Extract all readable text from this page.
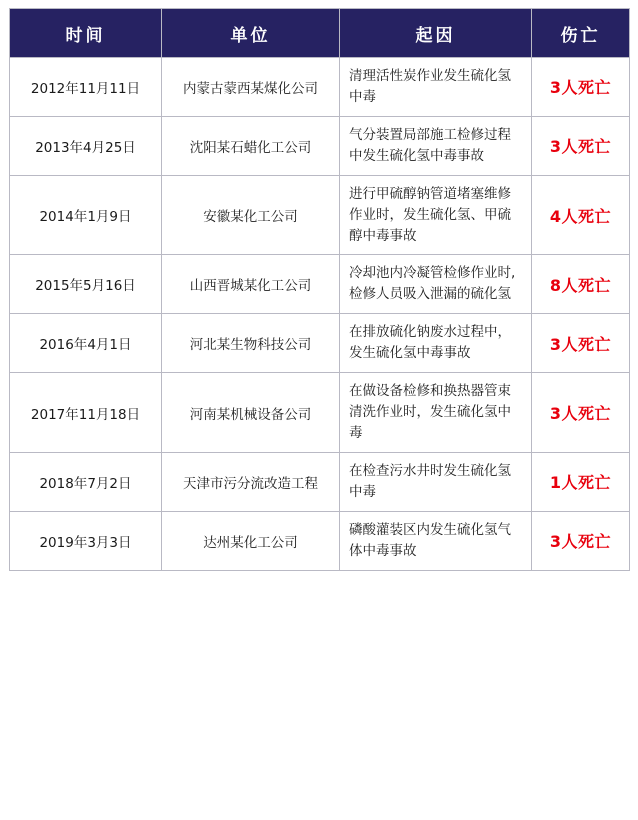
时间	单位	起因	伤亡
2012年11月11日	内蒙古蒙西某煤化公司	清理活性炭作业发生硫化氢中毒	3人死亡
2013年4月25日	沈阳某石蜡化工公司	气分装置局部施工检修过程中发生硫化氢中毒事故	3人死亡
2014年1月9日	安徽某化工公司	进行甲硫醇钠管道堵塞维修作业时，发生硫化氢、甲硫醇中毒事故	4人死亡
2015年5月16日	山西晋城某化工公司	冷却池内冷凝管检修作业时,检修人员吸入泄漏的硫化氢	8人死亡
2016年4月1日	河北某生物科技公司	在排放硫化钠废水过程中，发生硫化氢中毒事故	3人死亡
2017年11月18日	河南某机械设备公司	在做设备检修和换热器管束清洗作业时，发生硫化氢中毒	3人死亡
2018年7月2日	天津市污分流改造工程	在检查污水井时发生硫化氢中毒	1人死亡
2019年3月3日	达州某化工公司	磷酸灌装区内发生硫化氢气体中毒事故	3人死亡
